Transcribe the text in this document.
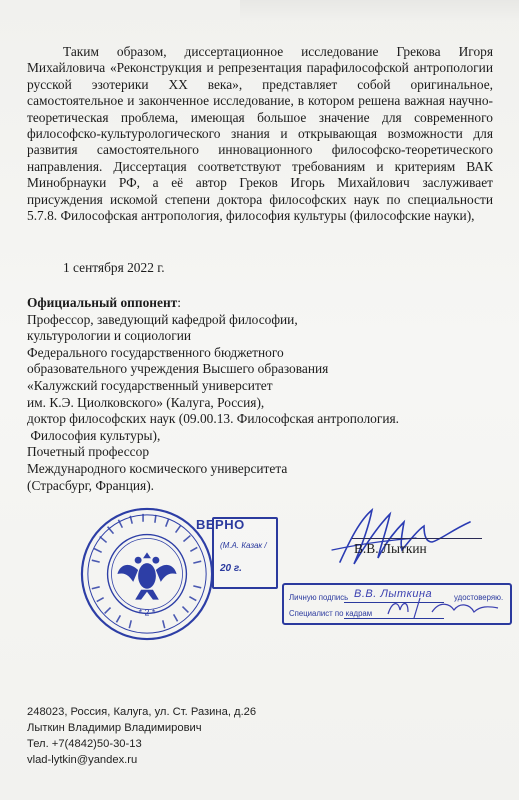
Таким образом, диссертационное исследование Грекова Игоря Михайловича «Реконструкция и репрезентация парафилософской антропологии русской эзотерики XX века», представляет собой оригинальное, самостоятельное и законченное исследование, в котором решена важная научно-теоретическая проблема, имеющая большое значение для современного философско-культурологического знания и открывающая возможности для развития самостоятельного инновационного философско-теоретического направления. Диссертация соответствуют требованиям и критериям ВАК Минобрнауки РФ, а её автор Греков Игорь Михайлович заслуживает присуждения искомой степени доктора философских наук по специальности 5.7.8. Философская антропология, философия культуры (философские науки),

1 сентября 2022 г.
Официальный оппонент:
Профессор, заведующий кафедрой философии,
культурологии и социологии
Федерального государственного бюджетного
образовательного учреждения Высшего образования
«Калужский государственный университет
им. К.Э. Циолковского» (Калуга, Россия),
доктор философских наук (09.00.13. Философская антропология.
Философия культуры),
Почетный профессор
Международного космического университета
(Страсбург, Франция).
* 2 *
ВЕРНО
(М.А. Казак /
20 г.
В.В. Лыткин
Личную подпись В.В. Лыткина	удостоверяю.
Специалист по кадрам
248023, Россия, Калуга, ул. Ст. Разина, д.26
Лыткин Владимир Владимирович
Тел. +7(4842)50-30-13
vlad-lytkin@yandex.ru
